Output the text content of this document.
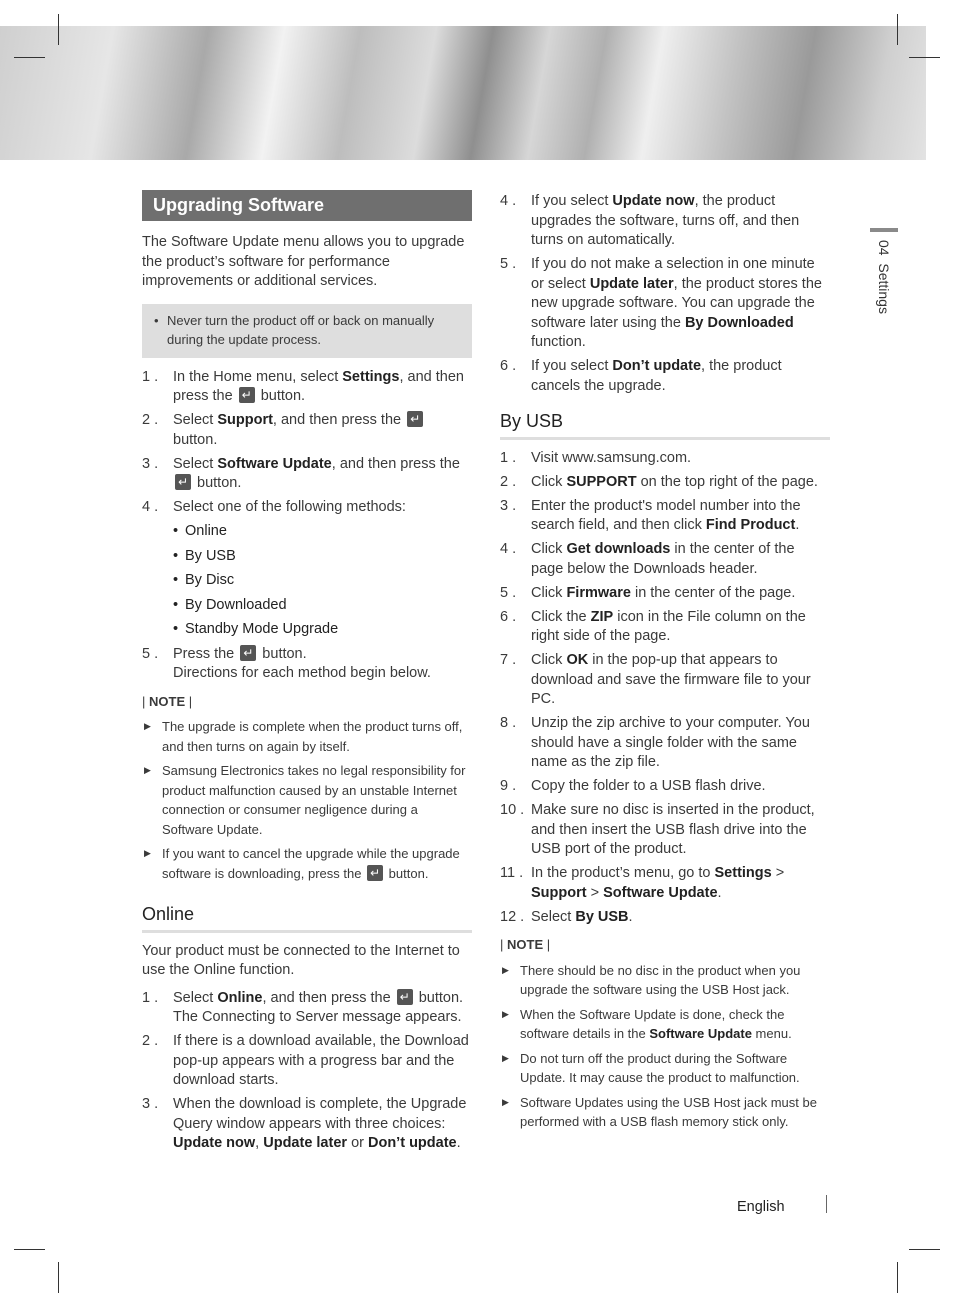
04  Settings
Upgrading Software

The Software Update menu allows you to upgrade the product’s software for performance improvements or additional services.

• Never turn the product off or back on manually during the update process.
1 .	In the Home menu, select Settings, and then press the ↵ button.
2 .	Select Support, and then press the ↵ button.
3 .	Select Software Update, and then press the ↵ button.
4 .	Select one of the following methods:
• Online
• By USB
• By Disc
• By Downloaded
• Standby Mode Upgrade
5 .	Press the ↵ button.
Directions for each method begin below.
| NOTE |
▶ The upgrade is complete when the product turns off, and then turns on again by itself.
▶ Samsung Electronics takes no legal responsibility for product malfunction caused by an unstable Internet connection or consumer negligence during a Software Update.
▶ If you want to cancel the upgrade while the upgrade software is downloading, press the ↵ button.
Online

Your product must be connected to the Internet to use the Online function.

1 .	Select Online, and then press the ↵ button. The Connecting to Server message appears.
2 .	If there is a download available, the Download pop-up appears with a progress bar and the download starts.
3 .	When the download is complete, the Upgrade Query window appears with three choices: Update now, Update later or Don’t update.
4 .	If you select Update now, the product upgrades the software, turns off, and then turns on automatically.
5 .	If you do not make a selection in one minute or select Update later, the product stores the new upgrade software. You can upgrade the software later using the By Downloaded function.
6 .	If you select Don’t update, the product cancels the upgrade.
By USB
1 .	Visit www.samsung.com.
2 .	Click SUPPORT on the top right of the page.
3 .	Enter the product's model number into the search field, and then click Find Product.
4 .	Click Get downloads in the center of the page below the Downloads header.
5 .	Click Firmware in the center of the page.
6 .	Click the ZIP icon in the File column on the right side of the page.
7 .	Click OK in the pop-up that appears to download and save the firmware file to your PC.
8 .	Unzip the zip archive to your computer. You should have a single folder with the same name as the zip file.
9 .	Copy the folder to a USB flash drive.
10 . Make sure no disc is inserted in the product, and then insert the USB flash drive into the USB port of the product.
11 . In the product’s menu, go to Settings > Support > Software Update.
12 . Select By USB.
| NOTE |
▶ There should be no disc in the product when you upgrade the software using the USB Host jack.
▶ When the Software Update is done, check the software details in the Software Update menu.
▶ Do not turn off the product during the Software Update. It may cause the product to malfunction.
▶ Software Updates using the USB Host jack must be performed with a USB flash memory stick only.
English
